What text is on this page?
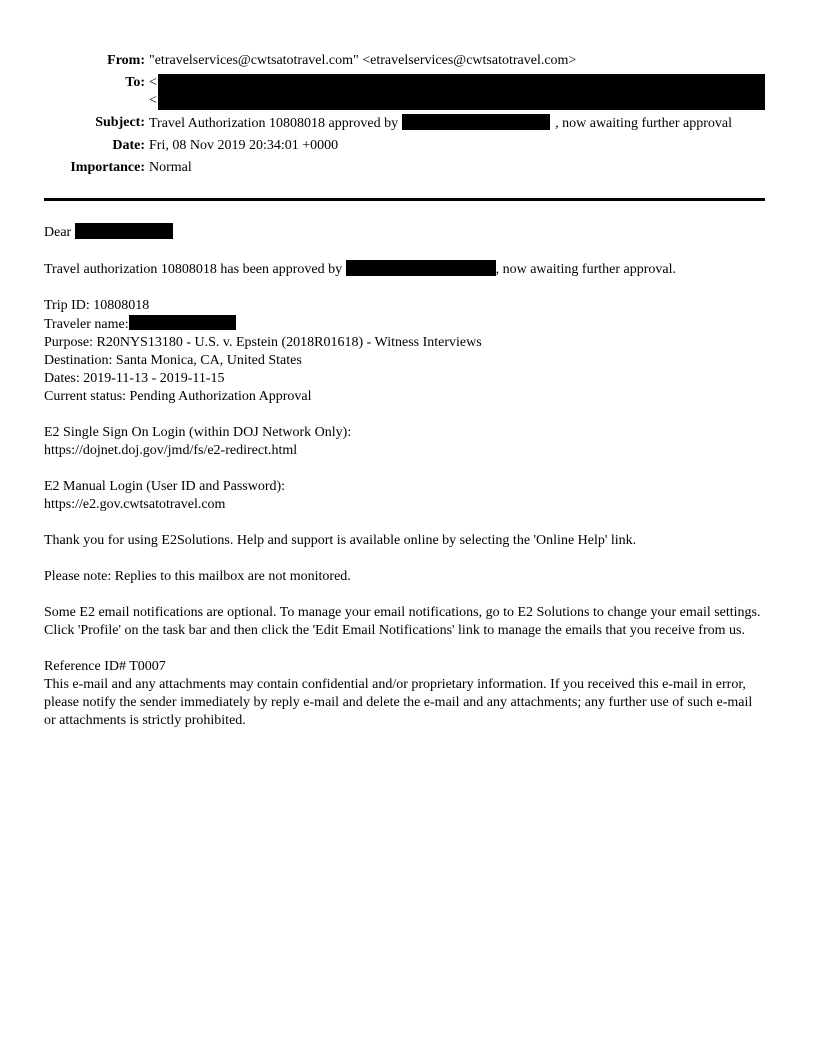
From: "etravelservices@cwtsatotravel.com" <etravelservices@cwtsatotravel.com>
To: <
<
Subject: Travel Authorization 10808018 approved by	, now awaiting further approval
Date: Fri, 08 Nov 2019 20:34:01 +0000
Importance: Normal

Dear

Travel authorization 10808018 has been approved by	, now awaiting further approval.

Trip ID: 10808018
Traveler name:
Purpose: R20NYS13180 - U.S. v. Epstein (2018R01618) - Witness Interviews
Destination: Santa Monica, CA, United States
Dates: 2019-11-13 - 2019-11-15
Current status: Pending Authorization Approval
E2 Single Sign On Login (within DOJ Network Only):
https://dojnet.doj.gov/jmd/fs/e2-redirect.html
E2 Manual Login (User ID and Password):
https://e2.gov.cwtsatotravel.com

Thank you for using E2Solutions. Help and support is available online by selecting the 'Online Help' link.

Please note: Replies to this mailbox are not monitored.

Some E2 email notifications are optional. To manage your email notifications, go to E2 Solutions to change your email settings. Click 'Profile' on the task bar and then click the 'Edit Email Notifications' link to manage the emails that you receive from us.

Reference ID# T0007
This e-mail and any attachments may contain confidential and/or proprietary information. If you received this e-mail in error, please notify the sender immediately by reply e-mail and delete the e-mail and any attachments; any further use of such e-mail or attachments is strictly prohibited.
